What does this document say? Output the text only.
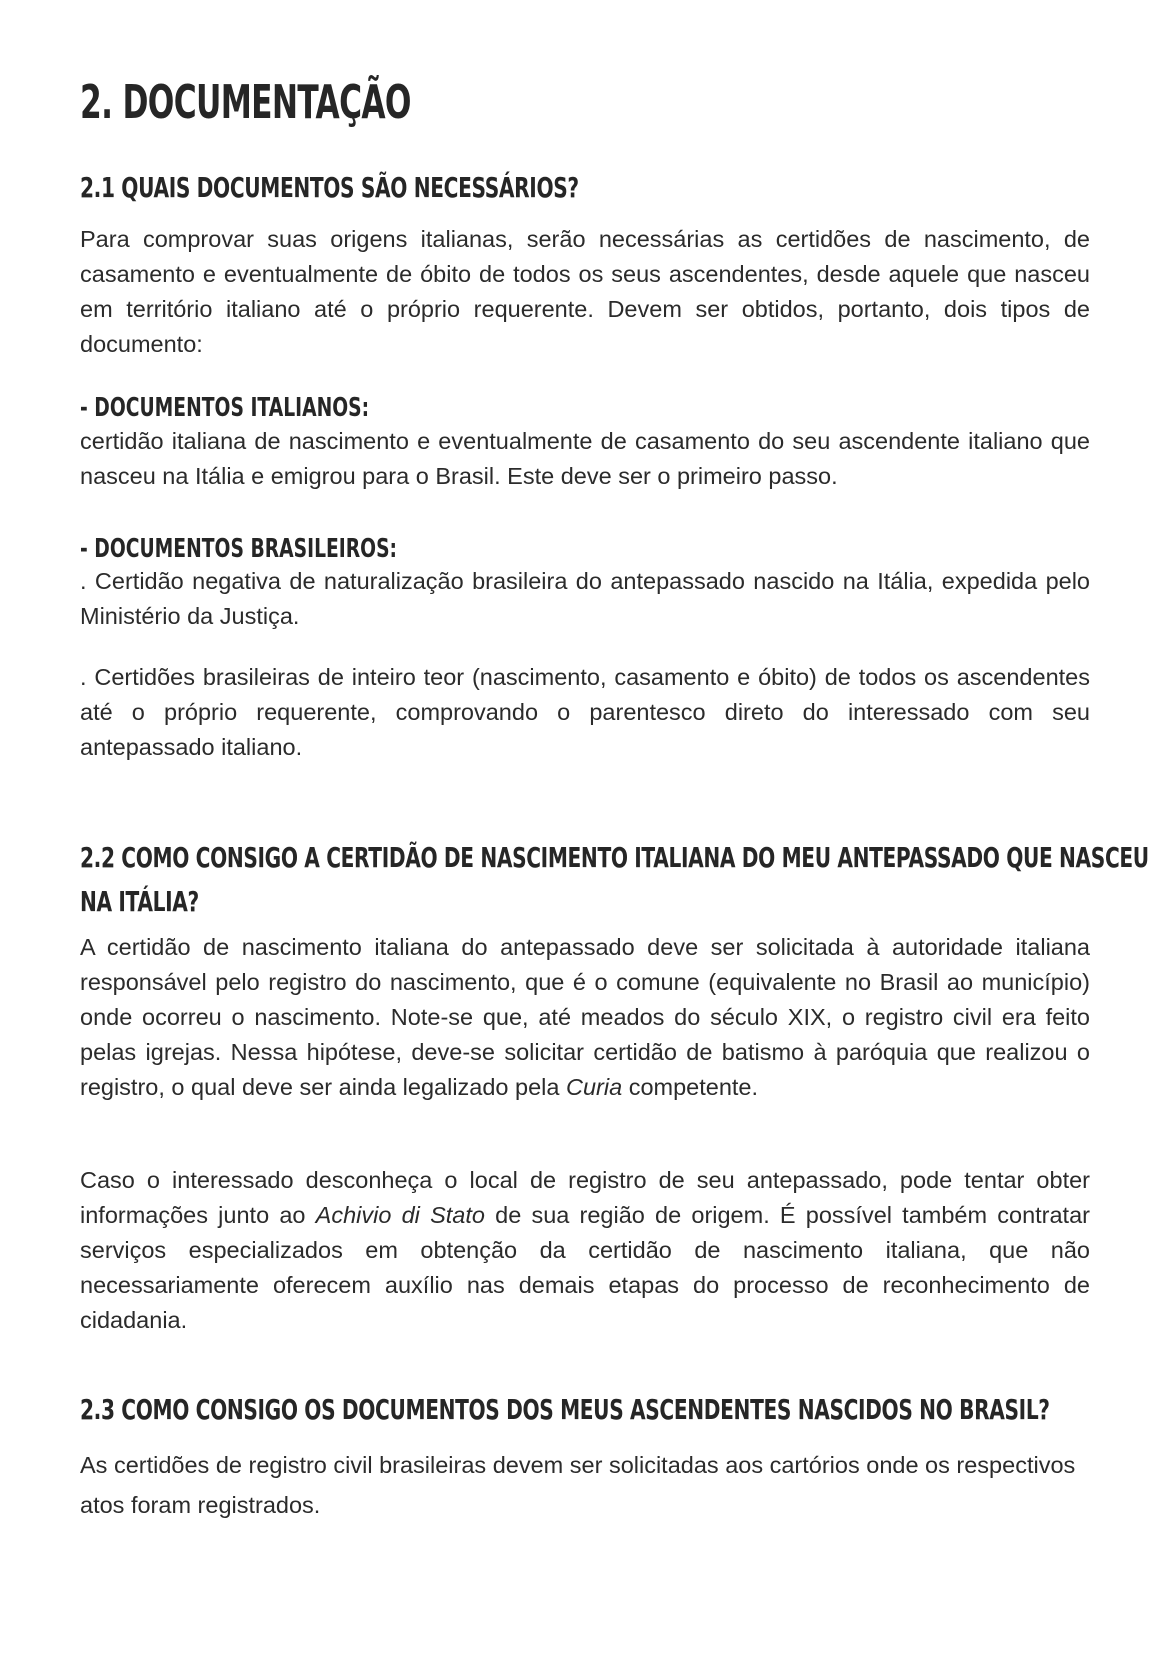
2. DOCUMENTAÇÃO
2.1 QUAIS DOCUMENTOS SÃO NECESSÁRIOS?

Para comprovar suas origens italianas, serão necessárias as certidões de nascimento, de casamento e eventualmente de óbito de todos os seus ascendentes, desde aquele que nasceu em território italiano até o próprio requerente. Devem ser obtidos, portanto, dois tipos de documento:

- DOCUMENTOS ITALIANOS:

certidão italiana de nascimento e eventualmente de casamento do seu ascendente italiano que nasceu na Itália e emigrou para o Brasil. Este deve ser o primeiro passo.

- DOCUMENTOS BRASILEIROS:

. Certidão negativa de naturalização brasileira do antepassado nascido na Itália, expedida pelo Ministério da Justiça.

. Certidões brasileiras de inteiro teor (nascimento, casamento e óbito) de todos os ascendentes até o próprio requerente, comprovando o parentesco direto do interessado com seu antepassado italiano.

2.2 COMO CONSIGO A CERTIDÃO DE NASCIMENTO ITALIANA DO MEU ANTEPASSADO QUE NASCEU
NA ITÁLIA?

A certidão de nascimento italiana do antepassado deve ser solicitada à autoridade italiana responsável pelo registro do nascimento, que é o comune (equivalente no Brasil ao município) onde ocorreu o nascimento. Note-se que, até meados do século XIX, o registro civil era feito pelas igrejas. Nessa hipótese, deve-se solicitar certidão de batismo à paróquia que realizou o registro, o qual deve ser ainda legalizado pela Curia competente.

Caso o interessado desconheça o local de registro de seu antepassado, pode tentar obter informações junto ao Achivio di Stato de sua região de origem. É possível também contratar serviços especializados em obtenção da certidão de nascimento italiana, que não necessariamente oferecem auxílio nas demais etapas do processo de reconhecimento de cidadania.

2.3 COMO CONSIGO OS DOCUMENTOS DOS MEUS ASCENDENTES NASCIDOS NO BRASIL?

As certidões de registro civil brasileiras devem ser solicitadas aos cartórios onde os respectivos atos foram registrados.
